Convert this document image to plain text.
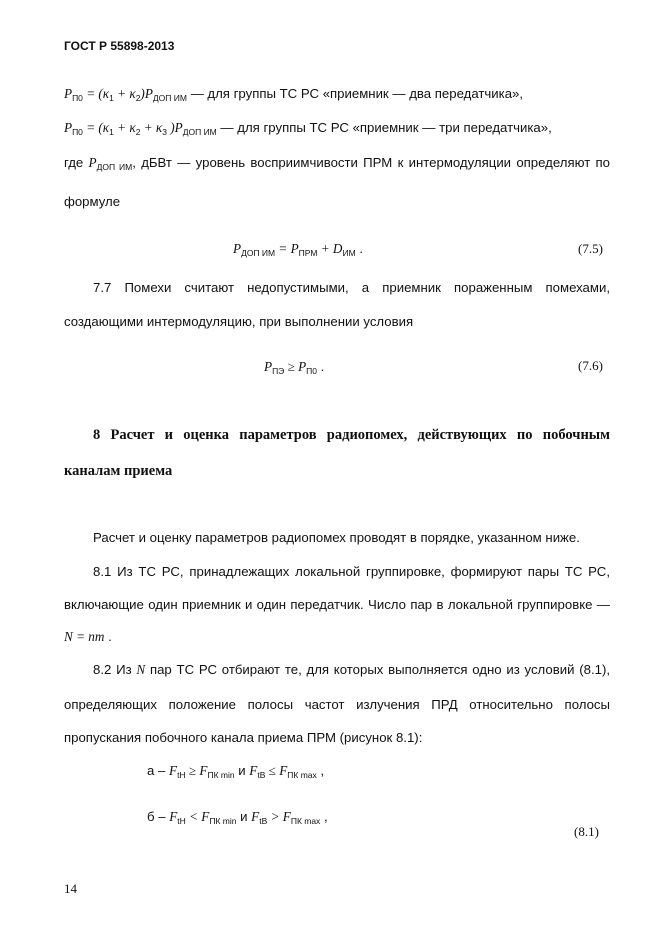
ГОСТ Р 55898-2013
$P_{П0} = (\kappa_1 + \kappa_2)P_{ДОП ИМ}$ — для группы ТС РС «приемник — два передатчика»,
$P_{П0} = (\kappa_1 + \kappa_2 + \kappa_3$ )$P_{ДОП ИМ}$ — для группы ТС РС «приемник — три передатчика»,
где $P_{ДОП ИМ}$, дБВт — уровень восприимчивости ПРМ к интермодуляции определяют по
формуле
$P_{ДОП ИМ} = P_{ПРМ} + D_{ИМ}$ .	(7.5)
7.7 Помехи считают недопустимыми, а приемник пораженным помехами,
создающими интермодуляцию, при выполнении условия
$P_{ПЭ} \ge P_{П0}$ .	(7.6)
8 Расчет и оценка параметров радиопомех, действующих по побочным
каналам приема
Расчет и оценку параметров радиопомех проводят в порядке, указанном ниже.
8.1 Из ТС РС, принадлежащих локальной группировке, формируют пары ТС РС,
включающие один приемник и один передатчик. Число пар в локальной группировке —
N = nm .
8.2 Из N пар ТС РС отбирают те, для которых выполняется одно из условий (8.1),
определяющих положение полосы частот излучения ПРД относительно полосы
пропускания побочного канала приема ПРМ (рисунок 8.1):
$а - F_{tН} \ge F_{ПК min}$ и $F_{tВ} \le F_{ПК max}$ ,
$б - F_{tН} < F_{ПК min}$ и $F_{tВ} > F_{ПК max}$ ,
(8.1)
14
